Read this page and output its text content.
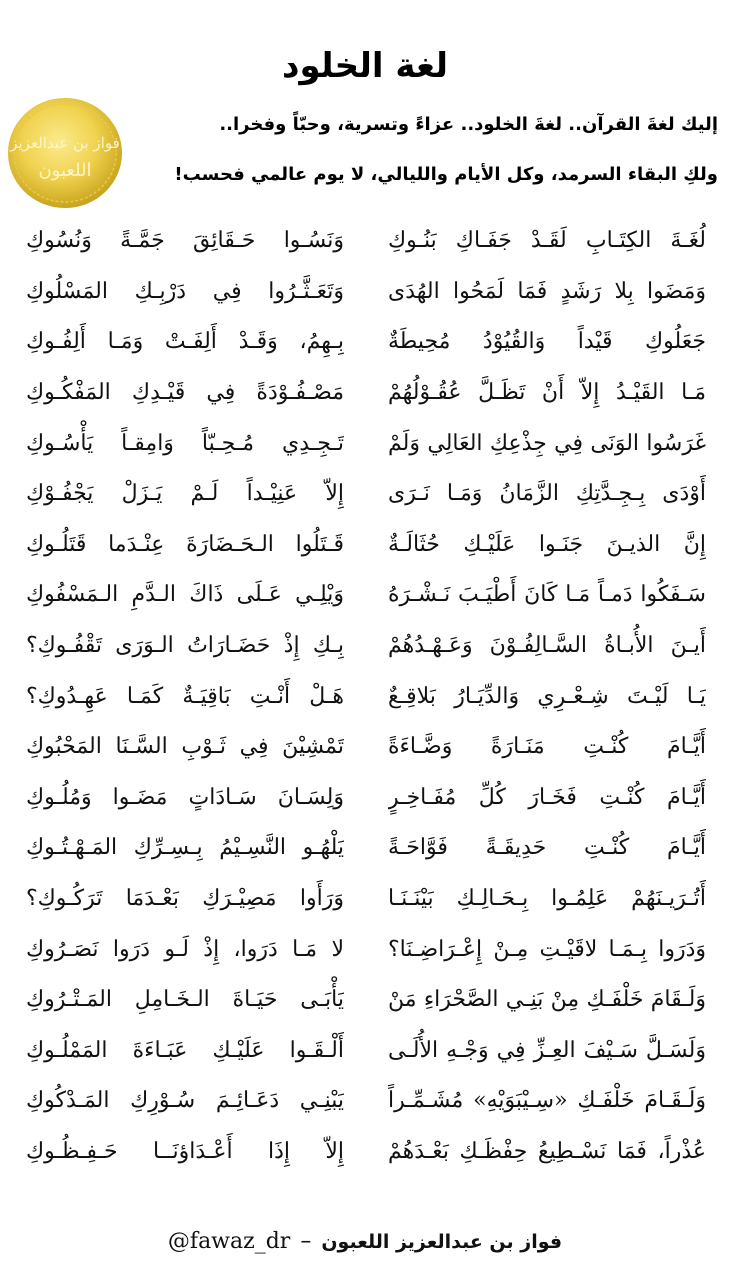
لغة الخلود
فواز بن عبدالعزيز
اللعبون
إليك لغةَ القرآن.. لغةَ الخلود.. عزاءً وتسرية، وحبّاً وفخرا..
ولكِ البقاء السرمد، وكل الأيام والليالي، لا يوم عالمي فحسب!
لُغَـةَ الكِتَـابِ لَقَـدْ جَفَـاكِ بَنُـوكِ
وَنَسُـوا حَـقَائِقَ جَمَّـةً وَنُسُوكِ
وَمَضَوا بِلا رَشَدٍ فَمَا لَمَحُوا الهُدَى
وَتَعَـثَّـرُوا فِي دَرْبِـكِ المَسْلُوكِ
جَعَلُوكِ قَيْداً وَالقُيُوْدُ مُحِيطَةٌ
بِـهِمُ، وَقَـدْ أَلِفَـتْ وَمَـا أَلِفُـوكِ
مَـا القَيْـدُ إِلاّ أَنْ تَظَـلَّ عُقُـوْلُهُمْ
مَصْـفُـوْدَةً فِي قَيْـدِكِ المَفْكُـوكِ
غَرَسُوا الوَنَى فِي جِذْعِكِ العَالِي وَلَمْ
تَـجِـدِي مُـحِـبّاً وَامِقـاً يَأْسُـوكِ
أَوْدَى بِـجِـدَّتِكِ الزَّمَانُ وَمَـا نَـرَى
إِلاّ عَنِيْـداً لَـمْ يَـزَلْ يَجْفُـوْكِ
إِنَّ الذيـنَ جَنَـوا عَلَيْـكِ حُثَالَـةٌ
قَـتَلُوا الـحَـضَارَةَ عِنْـدَما قَتَلُـوكِ
سَـفَكُوا دَمـاً مَـا كَانَ أَطْيَـبَ نَـشْـرَهُ
وَيْلِـي عَـلَى ذَاكَ الـدَّمِ الـمَسْفُوكِ
أَيـنَ الأُبـاةُ السَّـالِفُـوْنَ وَعَـهْـدُهُمْ
بِـكِ إِذْ حَضَـارَاتُ الـوَرَى تَقْفُـوكِ؟
يَـا لَيْـتَ شِـعْـرِي وَالدِّيَـارُ بَلاقِـعٌ
هَـلْ أَنْـتِ بَاقِيَـةٌ كَمَـا عَهِـدُوكِ؟
أَيَّـامَ كُنْـتِ مَنَـارَةً وَضَّـاءَةً
تَمْشِيْنَ فِي ثَـوْبِ السَّـنَا المَحْبُوكِ
أَيَّـامَ كُنْـتِ فَخَـارَ كُلِّ مُفَـاخِـرٍ
وَلِسَـانَ سَـادَاتٍ مَضَـوا وَمُلُـوكِ
أَيَّـامَ كُنْـتِ حَدِيقَـةً فَوَّاحَـةً
يَلْهُـو النَّسِـيْمُ بِـسِـرِّكِ المَـهْـتُـوكِ
أَتُـرَيـنَهُمْ عَلِمُـوا بِـحَـالِـكِ بَيْنَـنَـا
وَرَأَوا مَصِيْـرَكِ بَعْـدَمَا تَرَكُـوكِ؟
وَدَرَوا بِـمَـا لاقَيْـتِ مِـنْ إِعْـرَاضِـنَا؟
لا مَـا دَرَوا، إِذْ لَـو دَرَوا نَصَـرُوكِ
وَلَـقَامَ خَلْفَـكِ مِنْ بَنِـي الصَّحْرَاءِ مَنْ
يَأْبَـى حَيَـاةَ الـخَـامِلِ المَـتْـرُوكِ
وَلَسَـلَّ سَـيْفَ العِـزِّ فِي وَجْـهِ الأُلَـى
أَلْـقَـوا عَلَيْـكِ عَبَـاءَةَ المَمْلُـوكِ
وَلَـقَـامَ خَلْفَـكِ «سِـيْبَوَيْهِ» مُشَـمِّـراً
يَبْنِـي دَعَـائِـمَ سُـوْرِكِ المَـدْكُوكِ
عُذْراً، فَمَا نَسْـطِيعُ حِفْظَـكِ بَعْـدَهُمْ
إِلاّ إِذَا أَعْـدَاؤنَــا حَـفِـظُـوكِ
فواز بن عبدالعزيز اللعبون–@fawaz_dr
